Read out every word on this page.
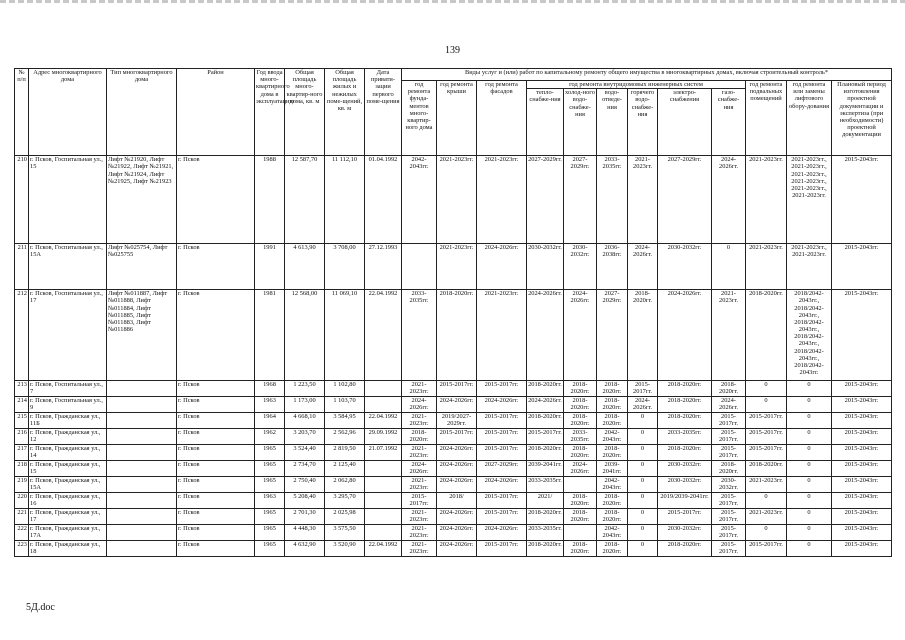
139
№ п/п	Адрес многоквартирного дома	Тип многоквартирного дома	Район	Год ввода много-квартирного дома в эксплуатацию	Общая площадь много-квартир-ного дома, кв. м	Общая площадь жилых и нежилых поме-щений, кв. м	Дата привати-зации первого поме-щения	Виды услуг и (или) работ по капитальному ремонту общего имущества в многоквартирных домах, включая строительный контроль*											
								год ремонта фунда-ментов много-квартир-ного дома	год ремонта крыши	год ремонта фасадов	год ремонта внутридомовых инженерных систем						год ремонта подвальных помещений	год ремонта или замены лифтового обору-дования	Плановый период изготовления проектной документации и экспертиза (при необходимости) проектной документации
											тепло-снабже-ния	холод-ного водо-снабже-ния	водо-отведе-ния	горячего водо-снабже-ния	электро-снабжения	газо-снабже-ния			
210	г. Псков, Госпитальная ул., 15	Лифт №21920, Лифт №21922, Лифт №21921, Лифт №21924, Лифт №21925, Лифт №21923	г. Псков	1988	12 587,70	11 112,10	01.04.1992	2042-2043гг.	2021-2023гг.	2021-2023гг.	2027-2029гг.	2027-2029гг.	2033-2035гг.	2021-2023гг.	2027-2029гг.	2024-2026гг.	2021-2023гг.	2021-2023гг., 2021-2023гг., 2021-2023гг., 2021-2023гг., 2021-2023гг., 2021-2023гг.	2015-2043гг.
211	г. Псков, Госпитальная ул., 15А	Лифт №025754, Лифт №025755	г. Псков	1991	4 613,90	3 708,00	27.12.1993		2021-2023гг.	2024-2026гг.	2030-2032гг.	2030-2032гг.	2036-2038гг.	2024-2026гг.	2030-2032гг.	0	2021-2023гг.	2021-2023гг., 2021-2023гг.	2015-2043гг.
212	г. Псков, Госпитальная ул., 17	Лифт №011887, Лифт №011888, Лифт №011884, Лифт №011885, Лифт №011883, Лифт №011886	г. Псков	1981	12 568,00	11 069,10	22.04.1992	2033-2035гг.	2018-2020гг.	2021-2023гг.	2024-2026гг.	2024-2026гг.	2027-2029гг.	2018-2020гг.	2024-2026гг.	2021-2023гг.	2018-2020гг.	2018/2042-2043гг., 2018/2042-2043гг., 2018/2042-2043гг., 2018/2042-2043гг., 2018/2042-2043гг., 2018/2042-2043гг.	2015-2043гг.
213	г. Псков, Госпитальная ул., 7		г. Псков	1968	1 223,50	1 102,80		2021-2023гг.	2015-2017гг.	2015-2017гг.	2018-2020гг.	2018-2020гг.	2018-2020гг.	2015-2017гг.	2018-2020гг.	2018-2020гг.	0	0	2015-2043гг.
214	г. Псков, Госпитальная ул., 9		г. Псков	1963	1 173,00	1 103,70		2024-2026гг.	2024-2026гг.	2024-2026гг.	2024-2026гг.	2018-2020гг.	2018-2020гг.	2024-2026гг.	2018-2020гг.	2024-2026гг.	0	0	2015-2043гг.
215	г. Псков, Гражданская ул., 11Б		г. Псков	1964	4 668,10	3 584,95	22.04.1992	2021-2023гг.	2019/2027-2029гг.	2015-2017гг.	2018-2020гг.	2018-2020гг.	2018-2020гг.	0	2018-2020гг.	2015-2017гг.	2015-2017гг.	0	2015-2043гг.
216	г. Псков, Гражданская ул., 12		г. Псков	1962	3 203,70	2 562,96	29.09.1992	2018-2020гг.	2015-2017гг.	2015-2017гг.	2015-2017гг.	2033-2035гг.	2042-2043гг.	0	2033-2035гг.	2015-2017гг.	2015-2017гг.	0	2015-2043гг.
217	г. Псков, Гражданская ул., 14		г. Псков	1965	3 524,40	2 819,50	21.07.1992	2021-2023гг.	2024-2026гг.	2015-2017гг.	2018-2020гг.	2018-2020гг.	2018-2020гг.	0	2018-2020гг.	2015-2017гг.	2015-2017гг.	0	2015-2043гг.
218	г. Псков, Гражданская ул., 15		г. Псков	1965	2 734,70	2 125,40		2024-2026гг.	2024-2026гг.	2027-2029гг.	2039-2041гг.	2024-2026гг.	2039-2041гг.	0	2030-2032гг.	2018-2020гг.	2018-2020гг.	0	2015-2043гг.
219	г. Псков, Гражданская ул., 15А		г. Псков	1965	2 750,40	2 062,80		2021-2023гг.	2024-2026гг.	2024-2026гг.	2033-2035гг.		2042-2043гг.	0	2030-2032гг.	2030-2032гг.	2021-2023гг.	0	2015-2043гг.
220	г. Псков, Гражданская ул., 16		г. Псков	1963	5 208,40	3 295,70		2015-2017гг.	2018/	2015-2017гг.	2021/	2018-2020гг.	2018-2020гг.	0	2019/2039-2041гг.	2015-2017гг.	0	0	2015-2043гг.
221	г. Псков, Гражданская ул., 17		г. Псков	1965	2 701,30	2 025,98		2021-2023гг.	2024-2026гг.	2015-2017гг.	2018-2020гг.	2018-2020гг.	2018-2020гг.	0	2015-2017гг.	2015-2017гг.	2021-2023гг.	0	2015-2043гг.
222	г. Псков, Гражданская ул., 17А		г. Псков	1965	4 448,30	3 575,50		2021-2023гг.	2024-2026гг.	2024-2026гг.	2033-2035гг.		2042-2043гг.	0	2030-2032гг.	2015-2017гг.	0	0	2015-2043гг.
223	г. Псков, Гражданская ул., 18		г. Псков	1965	4 632,90	3 520,90	22.04.1992	2021-2023гг.	2024-2026гг.	2015-2017гг.	2018-2020гг.	2018-2020гг.	2018-2020гг.	0	2018-2020гг.	2015-2017гг.	2015-2017гг.	0	2015-2043гг.
5Д.doc
